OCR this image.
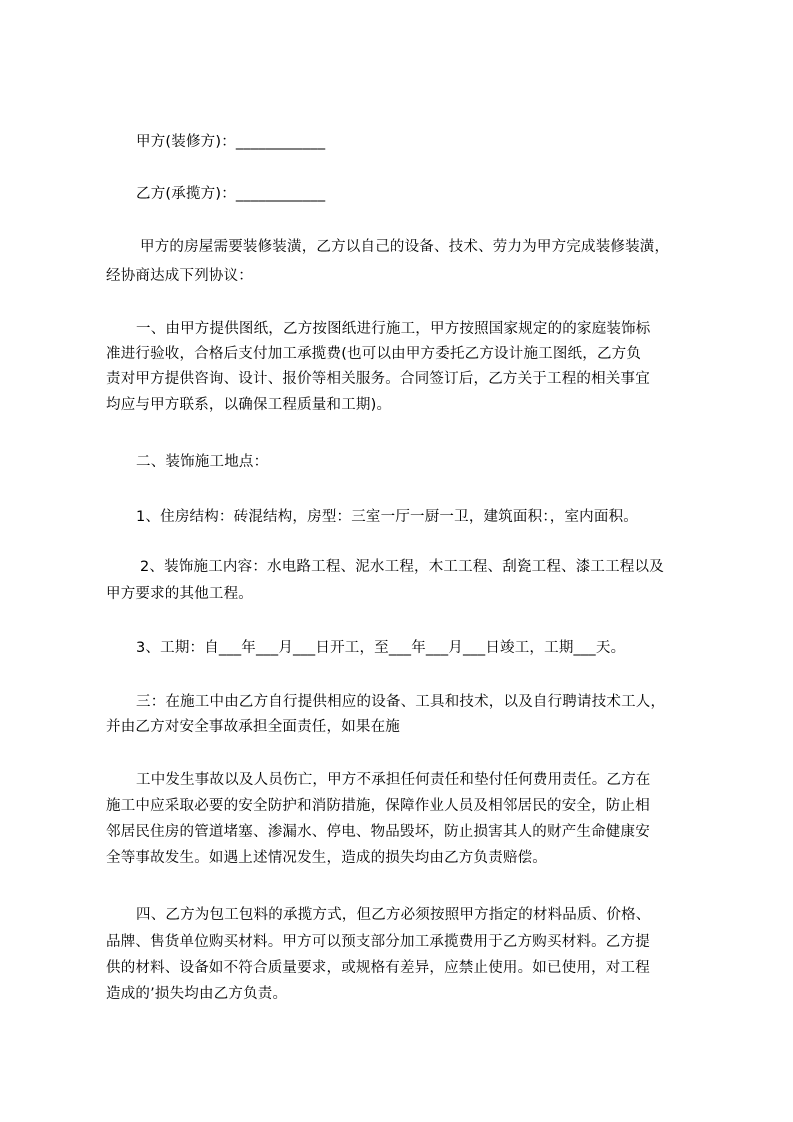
甲方(装修方)：____________
乙方(承揽方)：____________
甲方的房屋需要装修装潢，乙方以自己的设备、技术、劳力为甲方完成装修装潢，
经协商达成下列协议：
一、由甲方提供图纸，乙方按图纸进行施工，甲方按照国家规定的的家庭装饰标
准进行验收，合格后支付加工承揽费(也可以由甲方委托乙方设计施工图纸，乙方负
责对甲方提供咨询、设计、报价等相关服务。合同签订后，乙方关于工程的相关事宜
均应与甲方联系，以确保工程质量和工期)。
二、装饰施工地点：
1、住房结构：砖混结构，房型：三室一厅一厨一卫，建筑面积：，室内面积。
2、装饰施工内容：水电路工程、泥水工程，木工工程、刮瓷工程、漆工工程以及
甲方要求的其他工程。
3、工期：自___年___月___日开工，至___年___月___日竣工，工期___天。
三：在施工中由乙方自行提供相应的设备、工具和技术，以及自行聘请技术工人，
并由乙方对安全事故承担全面责任，如果在施
工中发生事故以及人员伤亡，甲方不承担任何责任和垫付任何费用责任。乙方在
施工中应采取必要的安全防护和消防措施，保障作业人员及相邻居民的安全，防止相
邻居民住房的管道堵塞、渗漏水、停电、物品毁坏，防止损害其人的财产生命健康安
全等事故发生。如遇上述情况发生，造成的损失均由乙方负责赔偿。
四、乙方为包工包料的承揽方式，但乙方必须按照甲方指定的材料品质、价格、
品牌、售货单位购买材料。甲方可以预支部分加工承揽费用于乙方购买材料。乙方提
供的材料、设备如不符合质量要求，或规格有差异，应禁止使用。如已使用，对工程
造成的’损失均由乙方负责。
